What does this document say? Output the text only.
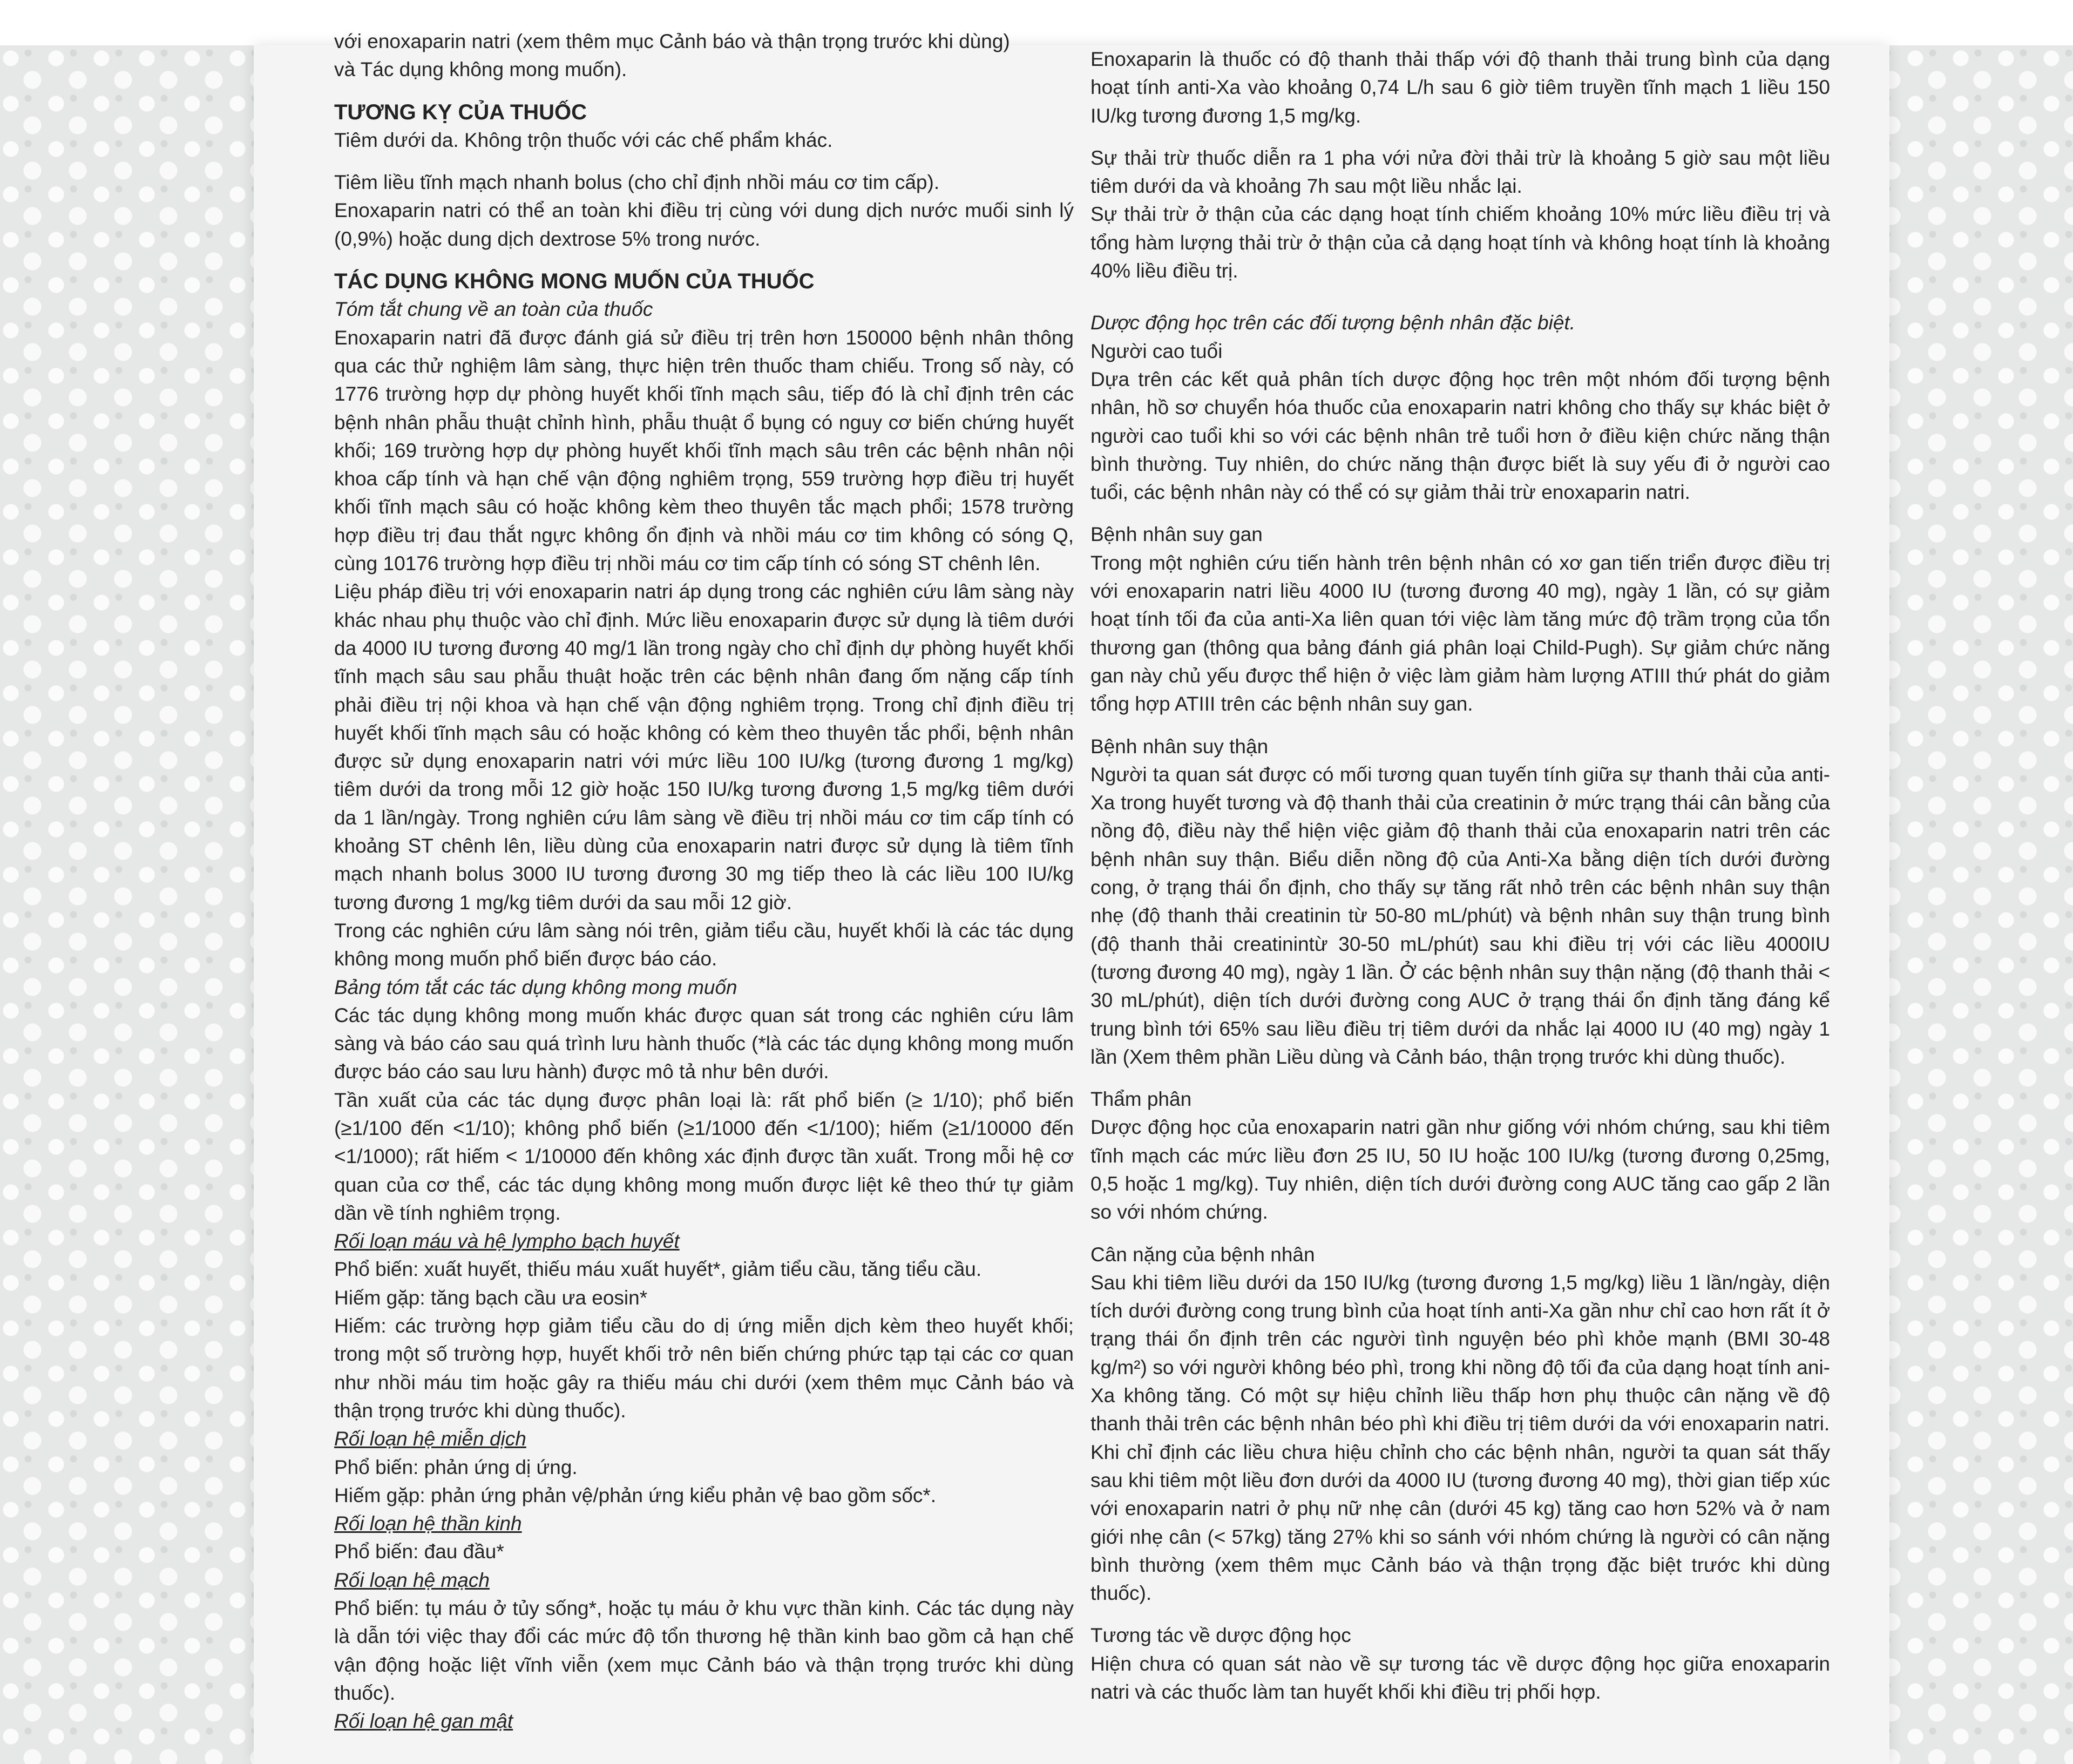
với enoxaparin natri (xem thêm mục Cảnh báo và thận trọng trước khi dùng)

và Tác dụng không mong muốn).

TƯƠNG KỴ CỦA THUỐC

Tiêm dưới da. Không trộn thuốc với các chế phẩm khác.

Tiêm liều tĩnh mạch nhanh bolus (cho chỉ định nhồi máu cơ tim cấp).

Enoxaparin natri có thể an toàn khi điều trị cùng với dung dịch nước muối sinh lý (0,9%) hoặc dung dịch dextrose 5% trong nước.

TÁC DỤNG KHÔNG MONG MUỐN CỦA THUỐC

Tóm tắt chung về an toàn của thuốc

Enoxaparin natri đã được đánh giá sử điều trị trên hơn 150000 bệnh nhân thông qua các thử nghiệm lâm sàng, thực hiện trên thuốc tham chiếu. Trong số này, có 1776 trường hợp dự phòng huyết khối tĩnh mạch sâu, tiếp đó là chỉ định trên các bệnh nhân phẫu thuật chỉnh hình, phẫu thuật ổ bụng có nguy cơ biến chứng huyết khối; 169 trường hợp dự phòng huyết khối tĩnh mạch sâu trên các bệnh nhân nội khoa cấp tính và hạn chế vận động nghiêm trọng, 559 trường hợp điều trị huyết khối tĩnh mạch sâu có hoặc không kèm theo thuyên tắc mạch phổi; 1578 trường hợp điều trị đau thắt ngực không ổn định và nhồi máu cơ tim không có sóng Q, cùng 10176 trường hợp điều trị nhồi máu cơ tim cấp tính có sóng ST chênh lên.

Liệu pháp điều trị với enoxaparin natri áp dụng trong các nghiên cứu lâm sàng này khác nhau phụ thuộc vào chỉ định. Mức liều enoxaparin được sử dụng là tiêm dưới da 4000 IU tương đương 40 mg/1 lần trong ngày cho chỉ định dự phòng huyết khối tĩnh mạch sâu sau phẫu thuật hoặc trên các bệnh nhân đang ốm nặng cấp tính phải điều trị nội khoa và hạn chế vận động nghiêm trọng. Trong chỉ định điều trị huyết khối tĩnh mạch sâu có hoặc không có kèm theo thuyên tắc phổi, bệnh nhân được sử dụng enoxaparin natri với mức liều 100 IU/kg (tương đương 1 mg/kg) tiêm dưới da trong mỗi 12 giờ hoặc 150 IU/kg tương đương 1,5 mg/kg tiêm dưới da 1 lần/ngày. Trong nghiên cứu lâm sàng về điều trị nhồi máu cơ tim cấp tính có khoảng ST chênh lên, liều dùng của enoxaparin natri được sử dụng là tiêm tĩnh mạch nhanh bolus 3000 IU tương đương 30 mg tiếp theo là các liều 100 IU/kg tương đương 1 mg/kg tiêm dưới da sau mỗi 12 giờ.

Trong các nghiên cứu lâm sàng nói trên, giảm tiểu cầu, huyết khối là các tác dụng không mong muốn phổ biến được báo cáo.

Bảng tóm tắt các tác dụng không mong muốn

Các tác dụng không mong muốn khác được quan sát trong các nghiên cứu lâm sàng và báo cáo sau quá trình lưu hành thuốc (*là các tác dụng không mong muốn được báo cáo sau lưu hành) được mô tả như bên dưới.

Tần xuất của các tác dụng được phân loại là: rất phổ biến (≥ 1/10); phổ biến (≥1/100 đến <1/10); không phổ biến (≥1/1000 đến <1/100); hiếm (≥1/10000 đến <1/1000); rất hiếm < 1/10000 đến không xác định được tần xuất. Trong mỗi hệ cơ quan của cơ thể, các tác dụng không mong muốn được liệt kê theo thứ tự giảm dần về tính nghiêm trọng.

Rối loạn máu và hệ lympho bạch huyết

Phổ biến: xuất huyết, thiếu máu xuất huyết*, giảm tiểu cầu, tăng tiểu cầu.

Hiếm gặp: tăng bạch cầu ưa eosin*

Hiếm: các trường hợp giảm tiểu cầu do dị ứng miễn dịch kèm theo huyết khối; trong một số trường hợp, huyết khối trở nên biến chứng phức tạp tại các cơ quan như nhồi máu tim hoặc gây ra thiếu máu chi dưới (xem thêm mục Cảnh báo và thận trọng trước khi dùng thuốc).

Rối loạn hệ miễn dịch

Phổ biến: phản ứng dị ứng.

Hiếm gặp: phản ứng phản vệ/phản ứng kiểu phản vệ bao gồm sốc*.

Rối loạn hệ thần kinh

Phổ biến: đau đầu*

Rối loạn hệ mạch

Phổ biến: tụ máu ở tủy sống*, hoặc tụ máu ở khu vực thần kinh. Các tác dụng này là dẫn tới việc thay đổi các mức độ tổn thương hệ thần kinh bao gồm cả hạn chế vận động hoặc liệt vĩnh viễn (xem mục Cảnh báo và thận trọng trước khi dùng thuốc).

Rối loạn hệ gan mật

Enoxaparin là thuốc có độ thanh thải thấp với độ thanh thải trung bình của dạng hoạt tính anti-Xa vào khoảng 0,74 L/h sau 6 giờ tiêm truyền tĩnh mạch 1 liều 150 IU/kg tương đương 1,5 mg/kg.

Sự thải trừ thuốc diễn ra 1 pha với nửa đời thải trừ là khoảng 5 giờ sau một liều tiêm dưới da và khoảng 7h sau một liều nhắc lại.

Sự thải trừ ở thận của các dạng hoạt tính chiếm khoảng 10% mức liều điều trị và tổng hàm lượng thải trừ ở thận của cả dạng hoạt tính và không hoạt tính là khoảng 40% liều điều trị.

Dược động học trên các đối tượng bệnh nhân đặc biệt.

Người cao tuổi

Dựa trên các kết quả phân tích dược động học trên một nhóm đối tượng bệnh nhân, hồ sơ chuyển hóa thuốc của enoxaparin natri không cho thấy sự khác biệt ở người cao tuổi khi so với các bệnh nhân trẻ tuổi hơn ở điều kiện chức năng thận bình thường. Tuy nhiên, do chức năng thận được biết là suy yếu đi ở người cao tuổi, các bệnh nhân này có thể có sự giảm thải trừ enoxaparin natri.

Bệnh nhân suy gan

Trong một nghiên cứu tiến hành trên bệnh nhân có xơ gan tiến triển được điều trị với enoxaparin natri liều 4000 IU (tương đương 40 mg), ngày 1 lần, có sự giảm hoạt tính tối đa của anti-Xa liên quan tới việc làm tăng mức độ trầm trọng của tổn thương gan (thông qua bảng đánh giá phân loại Child-Pugh). Sự giảm chức năng gan này chủ yếu được thể hiện ở việc làm giảm hàm lượng ATIII thứ phát do giảm tổng hợp ATIII trên các bệnh nhân suy gan.

Bệnh nhân suy thận

Người ta quan sát được có mối tương quan tuyến tính giữa sự thanh thải của anti-Xa trong huyết tương và độ thanh thải của creatinin ở mức trạng thái cân bằng của nồng độ, điều này thể hiện việc giảm độ thanh thải của enoxaparin natri trên các bệnh nhân suy thận. Biểu diễn nồng độ của Anti-Xa bằng diện tích dưới đường cong, ở trạng thái ổn định, cho thấy sự tăng rất nhỏ trên các bệnh nhân suy thận nhẹ (độ thanh thải creatinin từ 50-80 mL/phút) và bệnh nhân suy thận trung bình (độ thanh thải creatinintừ 30-50 mL/phút) sau khi điều trị với các liều 4000IU (tương đương 40 mg), ngày 1 lần. Ở các bệnh nhân suy thận nặng (độ thanh thải < 30 mL/phút), diện tích dưới đường cong AUC ở trạng thái ổn định tăng đáng kể trung bình tới 65% sau liều điều trị tiêm dưới da nhắc lại 4000 IU (40 mg) ngày 1 lần (Xem thêm phần Liều dùng và Cảnh báo, thận trọng trước khi dùng thuốc).

Thẩm phân

Dược động học của enoxaparin natri gần như giống với nhóm chứng, sau khi tiêm tĩnh mạch các mức liều đơn 25 IU, 50 IU hoặc 100 IU/kg (tương đương 0,25mg, 0,5 hoặc 1 mg/kg). Tuy nhiên, diện tích dưới đường cong AUC tăng cao gấp 2 lần so với nhóm chứng.

Cân nặng của bệnh nhân

Sau khi tiêm liều dưới da 150 IU/kg (tương đương 1,5 mg/kg) liều 1 lần/ngày, diện tích dưới đường cong trung bình của hoạt tính anti-Xa gần như chỉ cao hơn rất ít ở trạng thái ổn định trên các người tình nguyện béo phì khỏe mạnh (BMI 30-48 kg/m²) so với người không béo phì, trong khi nồng độ tối đa của dạng hoạt tính ani-Xa không tăng. Có một sự hiệu chỉnh liều thấp hơn phụ thuộc cân nặng về độ thanh thải trên các bệnh nhân béo phì khi điều trị tiêm dưới da với enoxaparin natri.

Khi chỉ định các liều chưa hiệu chỉnh cho các bệnh nhân, người ta quan sát thấy sau khi tiêm một liều đơn dưới da 4000 IU (tương đương 40 mg), thời gian tiếp xúc với enoxaparin natri ở phụ nữ nhẹ cân (dưới 45 kg) tăng cao hơn 52% và ở nam giới nhẹ cân (< 57kg) tăng 27% khi so sánh với nhóm chứng là người có cân nặng bình thường (xem thêm mục Cảnh báo và thận trọng đặc biệt trước khi dùng thuốc).

Tương tác về dược động học

Hiện chưa có quan sát nào về sự tương tác về dược động học giữa enoxaparin natri và các thuốc làm tan huyết khối khi điều trị phối hợp.
